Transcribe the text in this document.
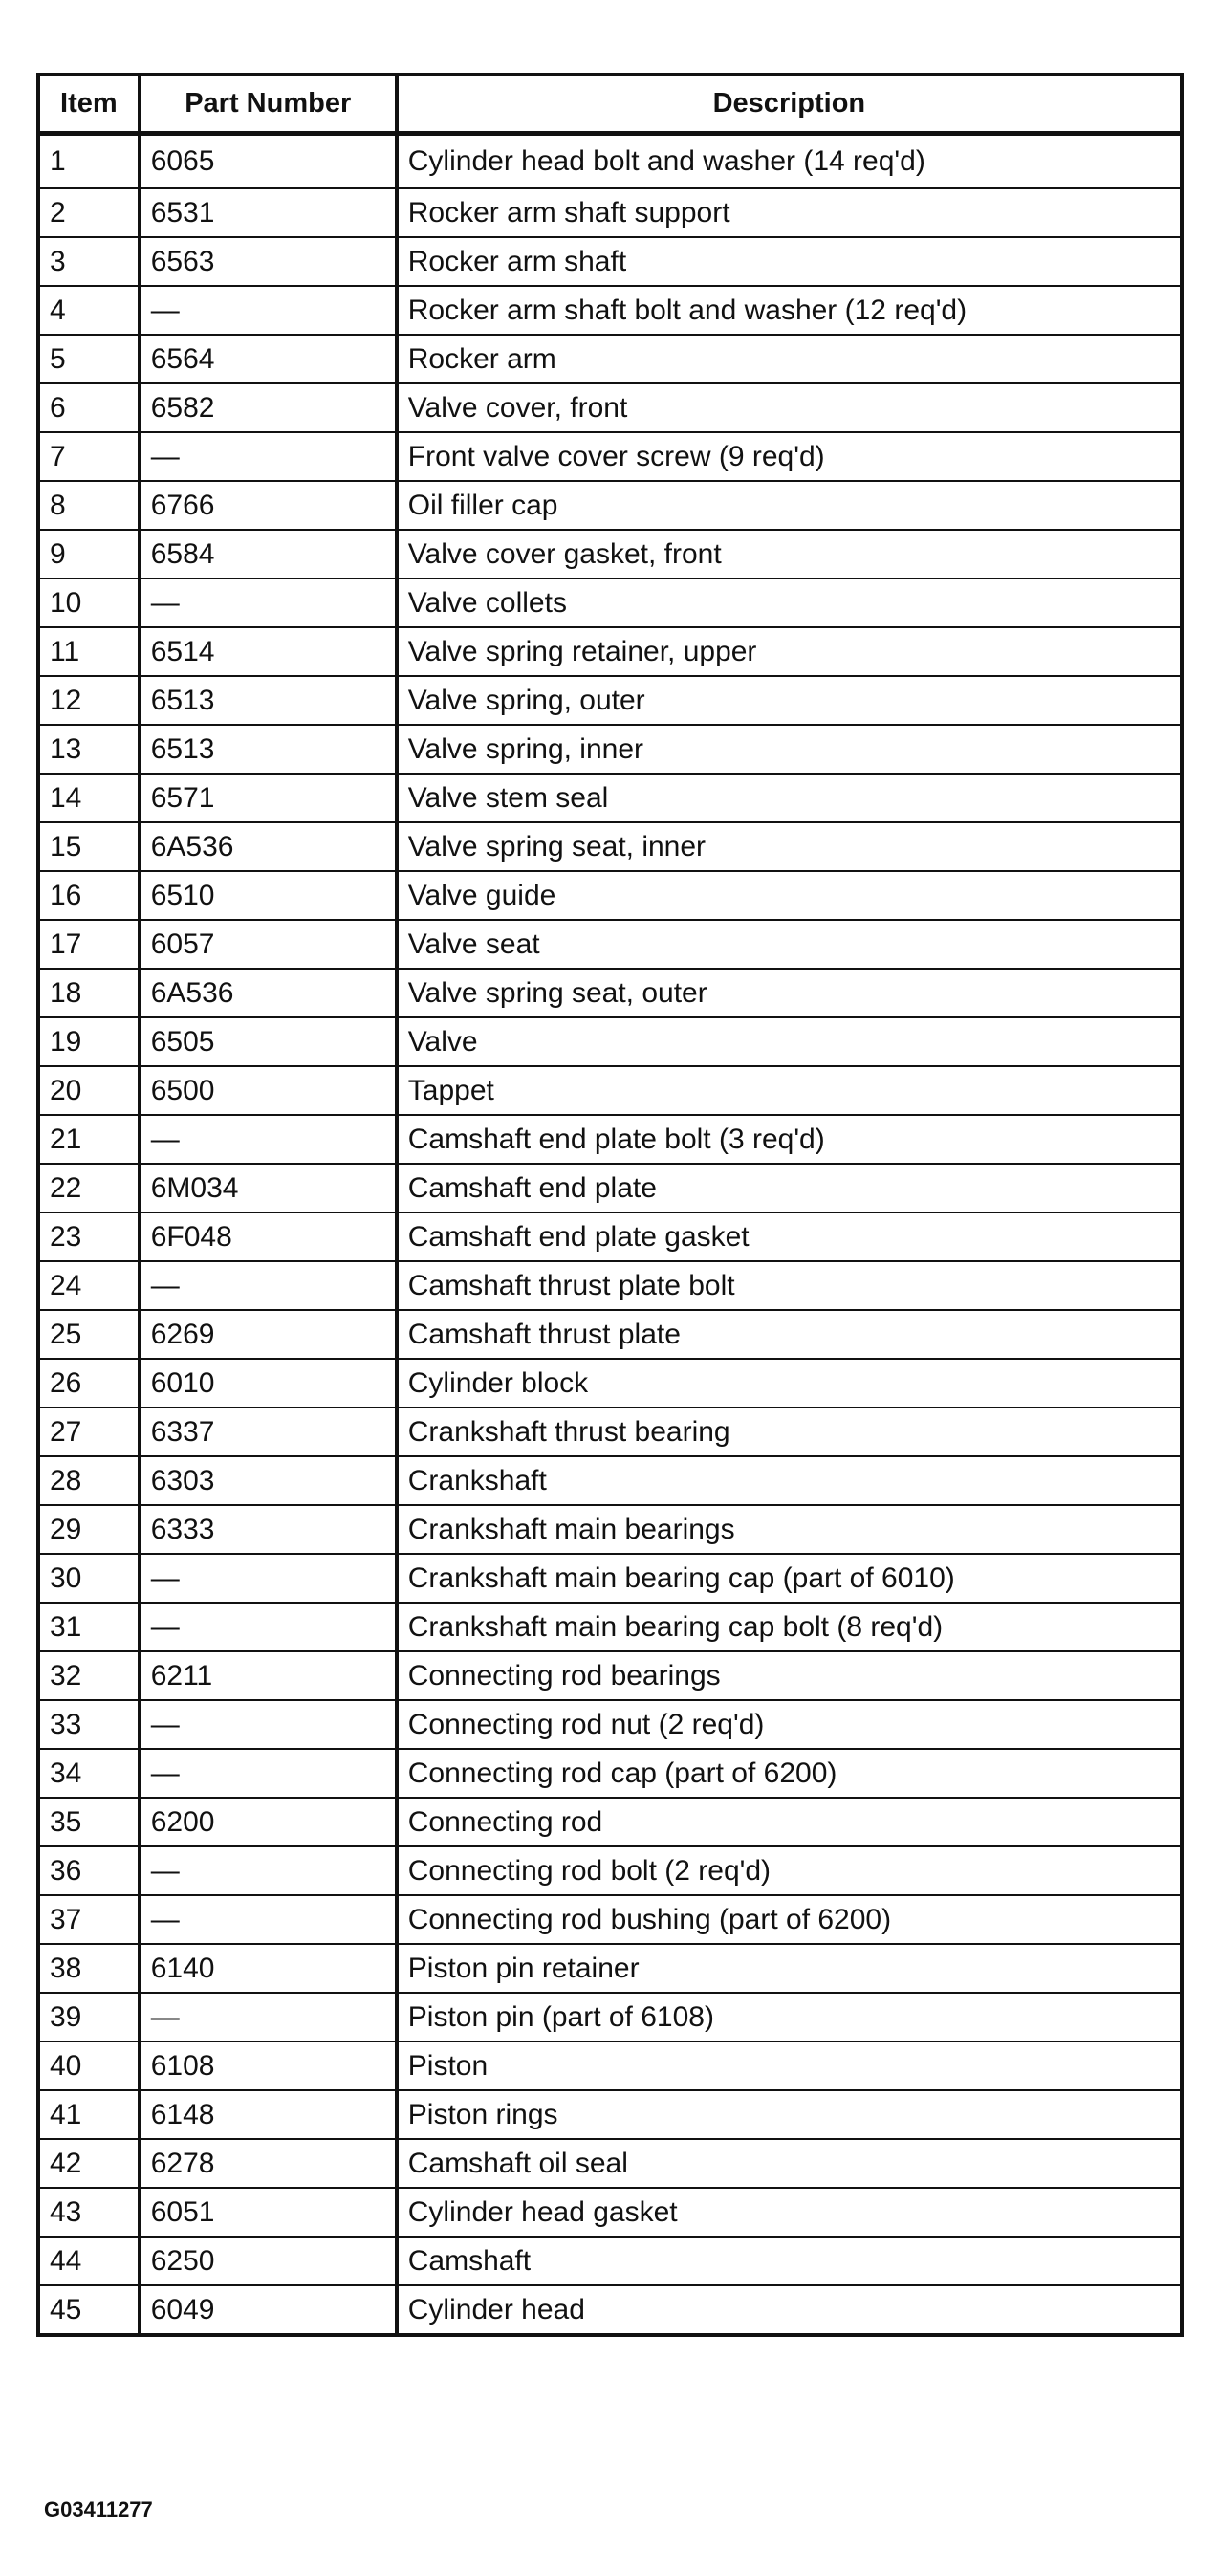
Item	Part Number	Description
1	6065	Cylinder head bolt and washer (14 req'd)
2	6531	Rocker arm shaft support
3	6563	Rocker arm shaft
4	—	Rocker arm shaft bolt and washer (12 req'd)
5	6564	Rocker arm
6	6582	Valve cover, front
7	—	Front valve cover screw (9 req'd)
8	6766	Oil filler cap
9	6584	Valve cover gasket, front
10	—	Valve collets
11	6514	Valve spring retainer, upper
12	6513	Valve spring, outer
13	6513	Valve spring, inner
14	6571	Valve stem seal
15	6A536	Valve spring seat, inner
16	6510	Valve guide
17	6057	Valve seat
18	6A536	Valve spring seat, outer
19	6505	Valve
20	6500	Tappet
21	—	Camshaft end plate bolt (3 req'd)
22	6M034	Camshaft end plate
23	6F048	Camshaft end plate gasket
24	—	Camshaft thrust plate bolt
25	6269	Camshaft thrust plate
26	6010	Cylinder block
27	6337	Crankshaft thrust bearing
28	6303	Crankshaft
29	6333	Crankshaft main bearings
30	—	Crankshaft main bearing cap (part of 6010)
31	—	Crankshaft main bearing cap bolt (8 req'd)
32	6211	Connecting rod bearings
33	—	Connecting rod nut (2 req'd)
34	—	Connecting rod cap (part of 6200)
35	6200	Connecting rod
36	—	Connecting rod bolt (2 req'd)
37	—	Connecting rod bushing (part of 6200)
38	6140	Piston pin retainer
39	—	Piston pin (part of 6108)
40	6108	Piston
41	6148	Piston rings
42	6278	Camshaft oil seal
43	6051	Cylinder head gasket
44	6250	Camshaft
45	6049	Cylinder head
G03411277
